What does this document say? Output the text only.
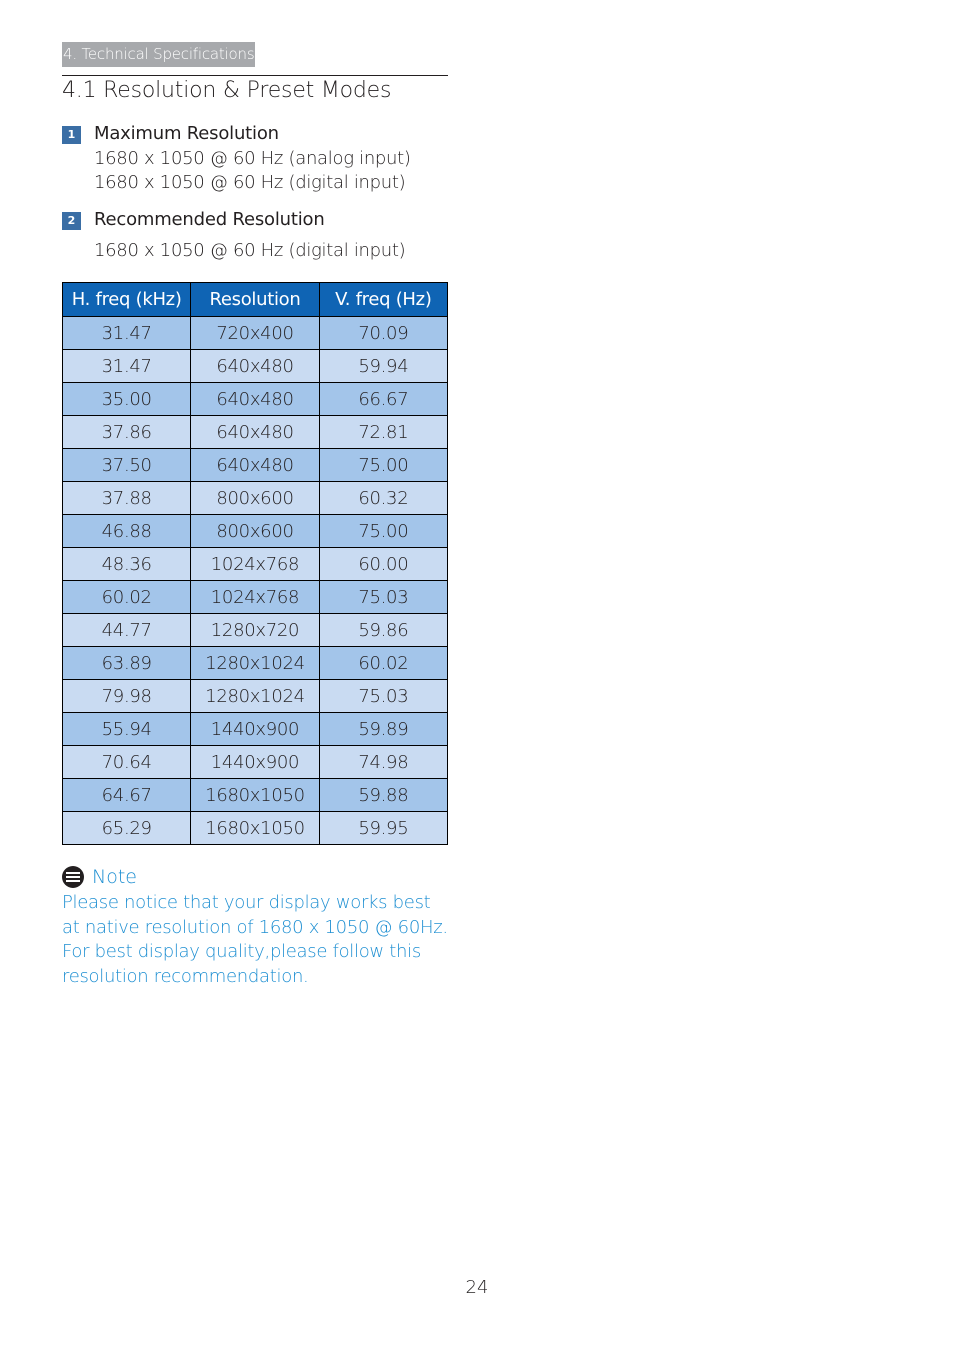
4. Technical Specifications
4.1 Resolution & Preset Modes
1	Maximum Resolution
1680 x 1050 @ 60 Hz (analog input)
1680 x 1050 @ 60 Hz (digital input)
2	Recommended Resolution
1680 x 1050 @ 60 Hz (digital input)
H. freq (kHz)	Resolution	V. freq (Hz)
31.47	720x400	70.09
31.47	640x480	59.94
35.00	640x480	66.67
37.86	640x480	72.81
37.50	640x480	75.00
37.88	800x600	60.32
46.88	800x600	75.00
48.36	1024x768	60.00
60.02	1024x768	75.03
44.77	1280x720	59.86
63.89	1280x1024	60.02
79.98	1280x1024	75.03
55.94	1440x900	59.89
70.64	1440x900	74.98
64.67	1680x1050	59.88
65.29	1680x1050	59.95
Note
Please notice that your display works best at native resolution of 1680 x 1050 @ 60Hz. For best display quality,please follow this resolution recommendation.
24
